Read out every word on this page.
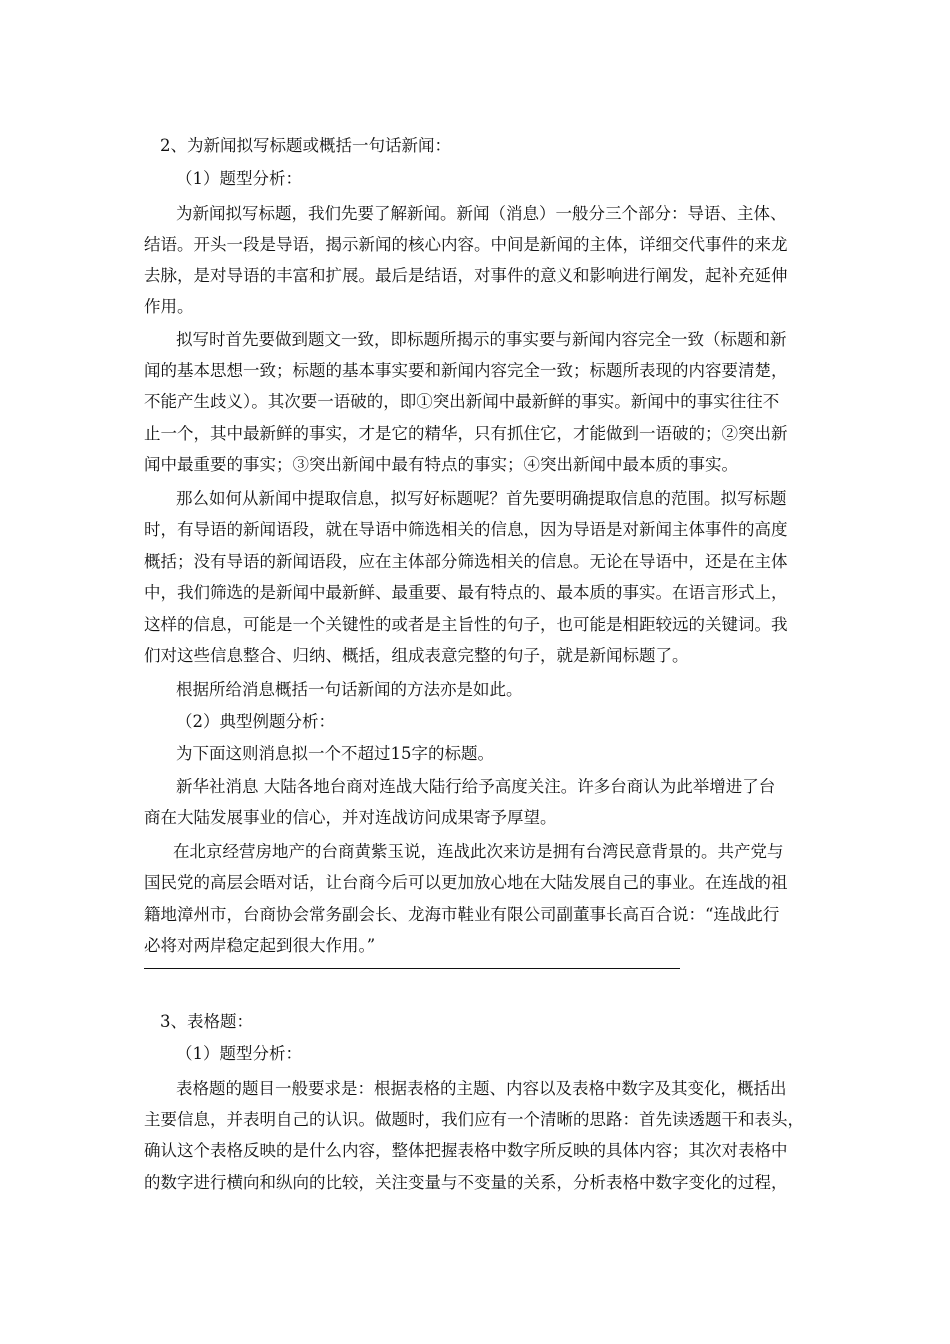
2、为新闻拟写标题或概括一句话新闻：
（1）题型分析：
为新闻拟写标题，我们先要了解新闻。新闻（消息）一般分三个部分：导语、主体、
结语。开头一段是导语，揭示新闻的核心内容。中间是新闻的主体，详细交代事件的来龙
去脉，是对导语的丰富和扩展。最后是结语，对事件的意义和影响进行阐发，起补充延伸
作用。
拟写时首先要做到题文一致，即标题所揭示的事实要与新闻内容完全一致（标题和新
闻的基本思想一致；标题的基本事实要和新闻内容完全一致；标题所表现的内容要清楚，
不能产生歧义）。其次要一语破的，即①突出新闻中最新鲜的事实。新闻中的事实往往不
止一个，其中最新鲜的事实，才是它的精华，只有抓住它，才能做到一语破的；②突出新
闻中最重要的事实；③突出新闻中最有特点的事实；④突出新闻中最本质的事实。
那么如何从新闻中提取信息，拟写好标题呢？首先要明确提取信息的范围。拟写标题
时，有导语的新闻语段，就在导语中筛选相关的信息，因为导语是对新闻主体事件的高度
概括；没有导语的新闻语段，应在主体部分筛选相关的信息。无论在导语中，还是在主体
中，我们筛选的是新闻中最新鲜、最重要、最有特点的、最本质的事实。在语言形式上，
这样的信息，可能是一个关键性的或者是主旨性的句子，也可能是相距较远的关键词。我
们对这些信息整合、归纳、概括，组成表意完整的句子，就是新闻标题了。
根据所给消息概括一句话新闻的方法亦是如此。
（2）典型例题分析：
为下面这则消息拟一个不超过15字的标题。
新华社消息 大陆各地台商对连战大陆行给予高度关注。许多台商认为此举增进了台
商在大陆发展事业的信心，并对连战访问成果寄予厚望。
在北京经营房地产的台商黄紫玉说，连战此次来访是拥有台湾民意背景的。共产党与
国民党的高层会晤对话，让台商今后可以更加放心地在大陆发展自己的事业。在连战的祖
籍地漳州市，台商协会常务副会长、龙海市鞋业有限公司副董事长高百合说：“连战此行
必将对两岸稳定起到很大作用。”
3、表格题：
（1）题型分析：
表格题的题目一般要求是：根据表格的主题、内容以及表格中数字及其变化，概括出
主要信息，并表明自己的认识。做题时，我们应有一个清晰的思路：首先读透题干和表头，
确认这个表格反映的是什么内容，整体把握表格中数字所反映的具体内容；其次对表格中
的数字进行横向和纵向的比较，关注变量与不变量的关系，分析表格中数字变化的过程，
